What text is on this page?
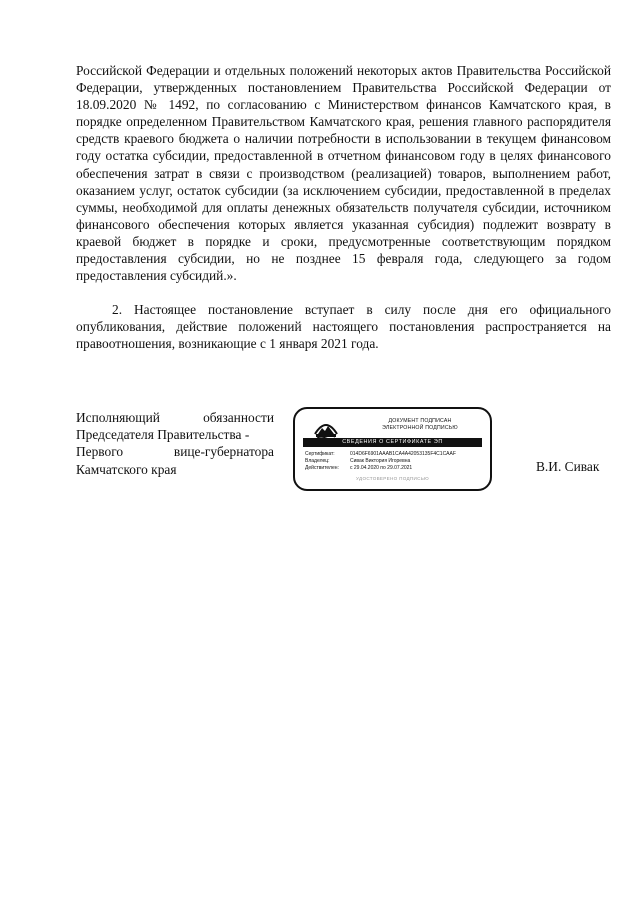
Российской Федерации и отдельных положений некоторых актов Правительства Российской Федерации, утвержденных постановлением Правительства Российской Федерации от 18.09.2020 № 1492, по согласованию с Министерством финансов Камчатского края, в порядке определенном Правительством Камчатского края, решения главного распорядителя средств краевого бюджета о наличии потребности в использовании в текущем финансовом году остатка субсидии, предоставленной в отчетном финансовом году в целях финансового обеспечения затрат в связи с производством (реализацией) товаров, выполнением работ, оказанием услуг, остаток субсидии (за исключением субсидии, предоставленной в пределах суммы, необходимой для оплаты денежных обязательств получателя субсидии, источником финансового обеспечения которых является указанная субсидия) подлежит возврату в краевой бюджет в порядке и сроки, предусмотренные соответствующим порядком предоставления субсидии, но не позднее 15 февраля года, следующего за годом предоставления субсидий.».

2. Настоящее постановление вступает в силу после дня его официального опубликования, действие положений настоящего постановления распространяется на правоотношения, возникающие с 1 января 2021 года.

Исполняющий	обязанности
Председателя Правительства -
Первого	вице-губернатора
Камчатского края
ДОКУМЕНТ ПОДПИСАН
ЭЛЕКТРОННОЙ ПОДПИСЬЮ
СВЕДЕНИЯ О СЕРТИФИКАТЕ ЭП
Сертификат:	014D6F6901AAAB1CA4A42053135F4C1CAAF
Владелец:	Сивак Виктория Игоревна
Действителен: с 29.04.2020 по 29.07.2021
УДОСТОВЕРЕНО ПОДПИСЬЮ
В.И. Сивак
